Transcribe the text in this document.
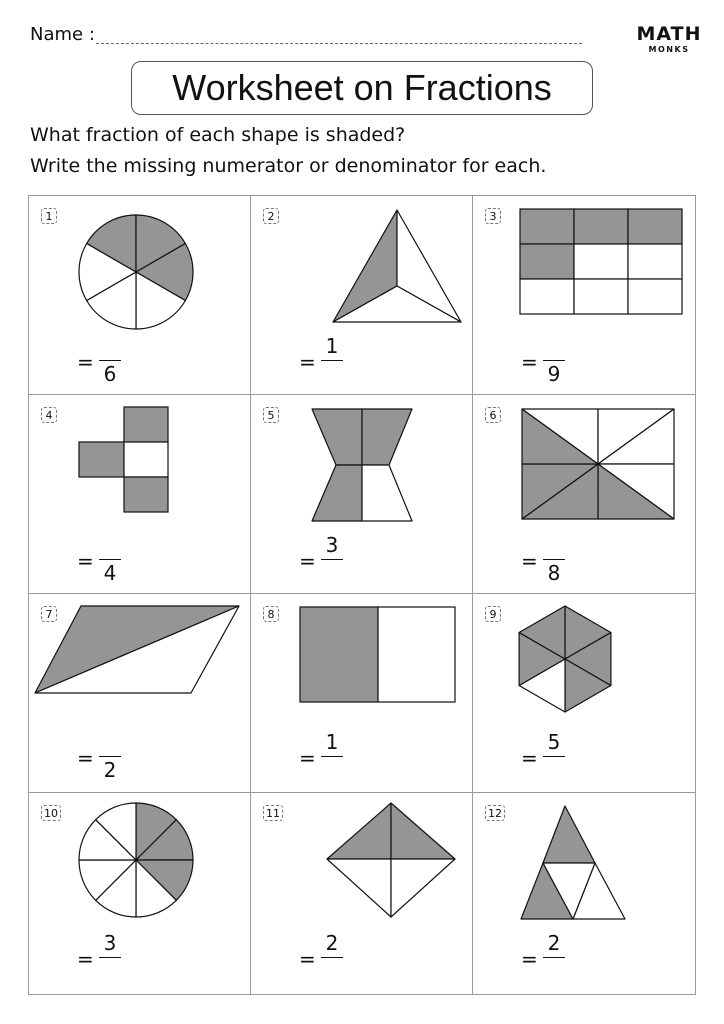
Name :	MATH
MONKS
Worksheet on Fractions
What fraction of each shape is shaded?
Write the missing numerator or denominator for each.
1
= 6
2
=
1
3
= 9
4
= 4
5
=
3
6
= 8
7
= 2
8
=
1
9
=
5
10
=
3
11
=
2
12
=
2
